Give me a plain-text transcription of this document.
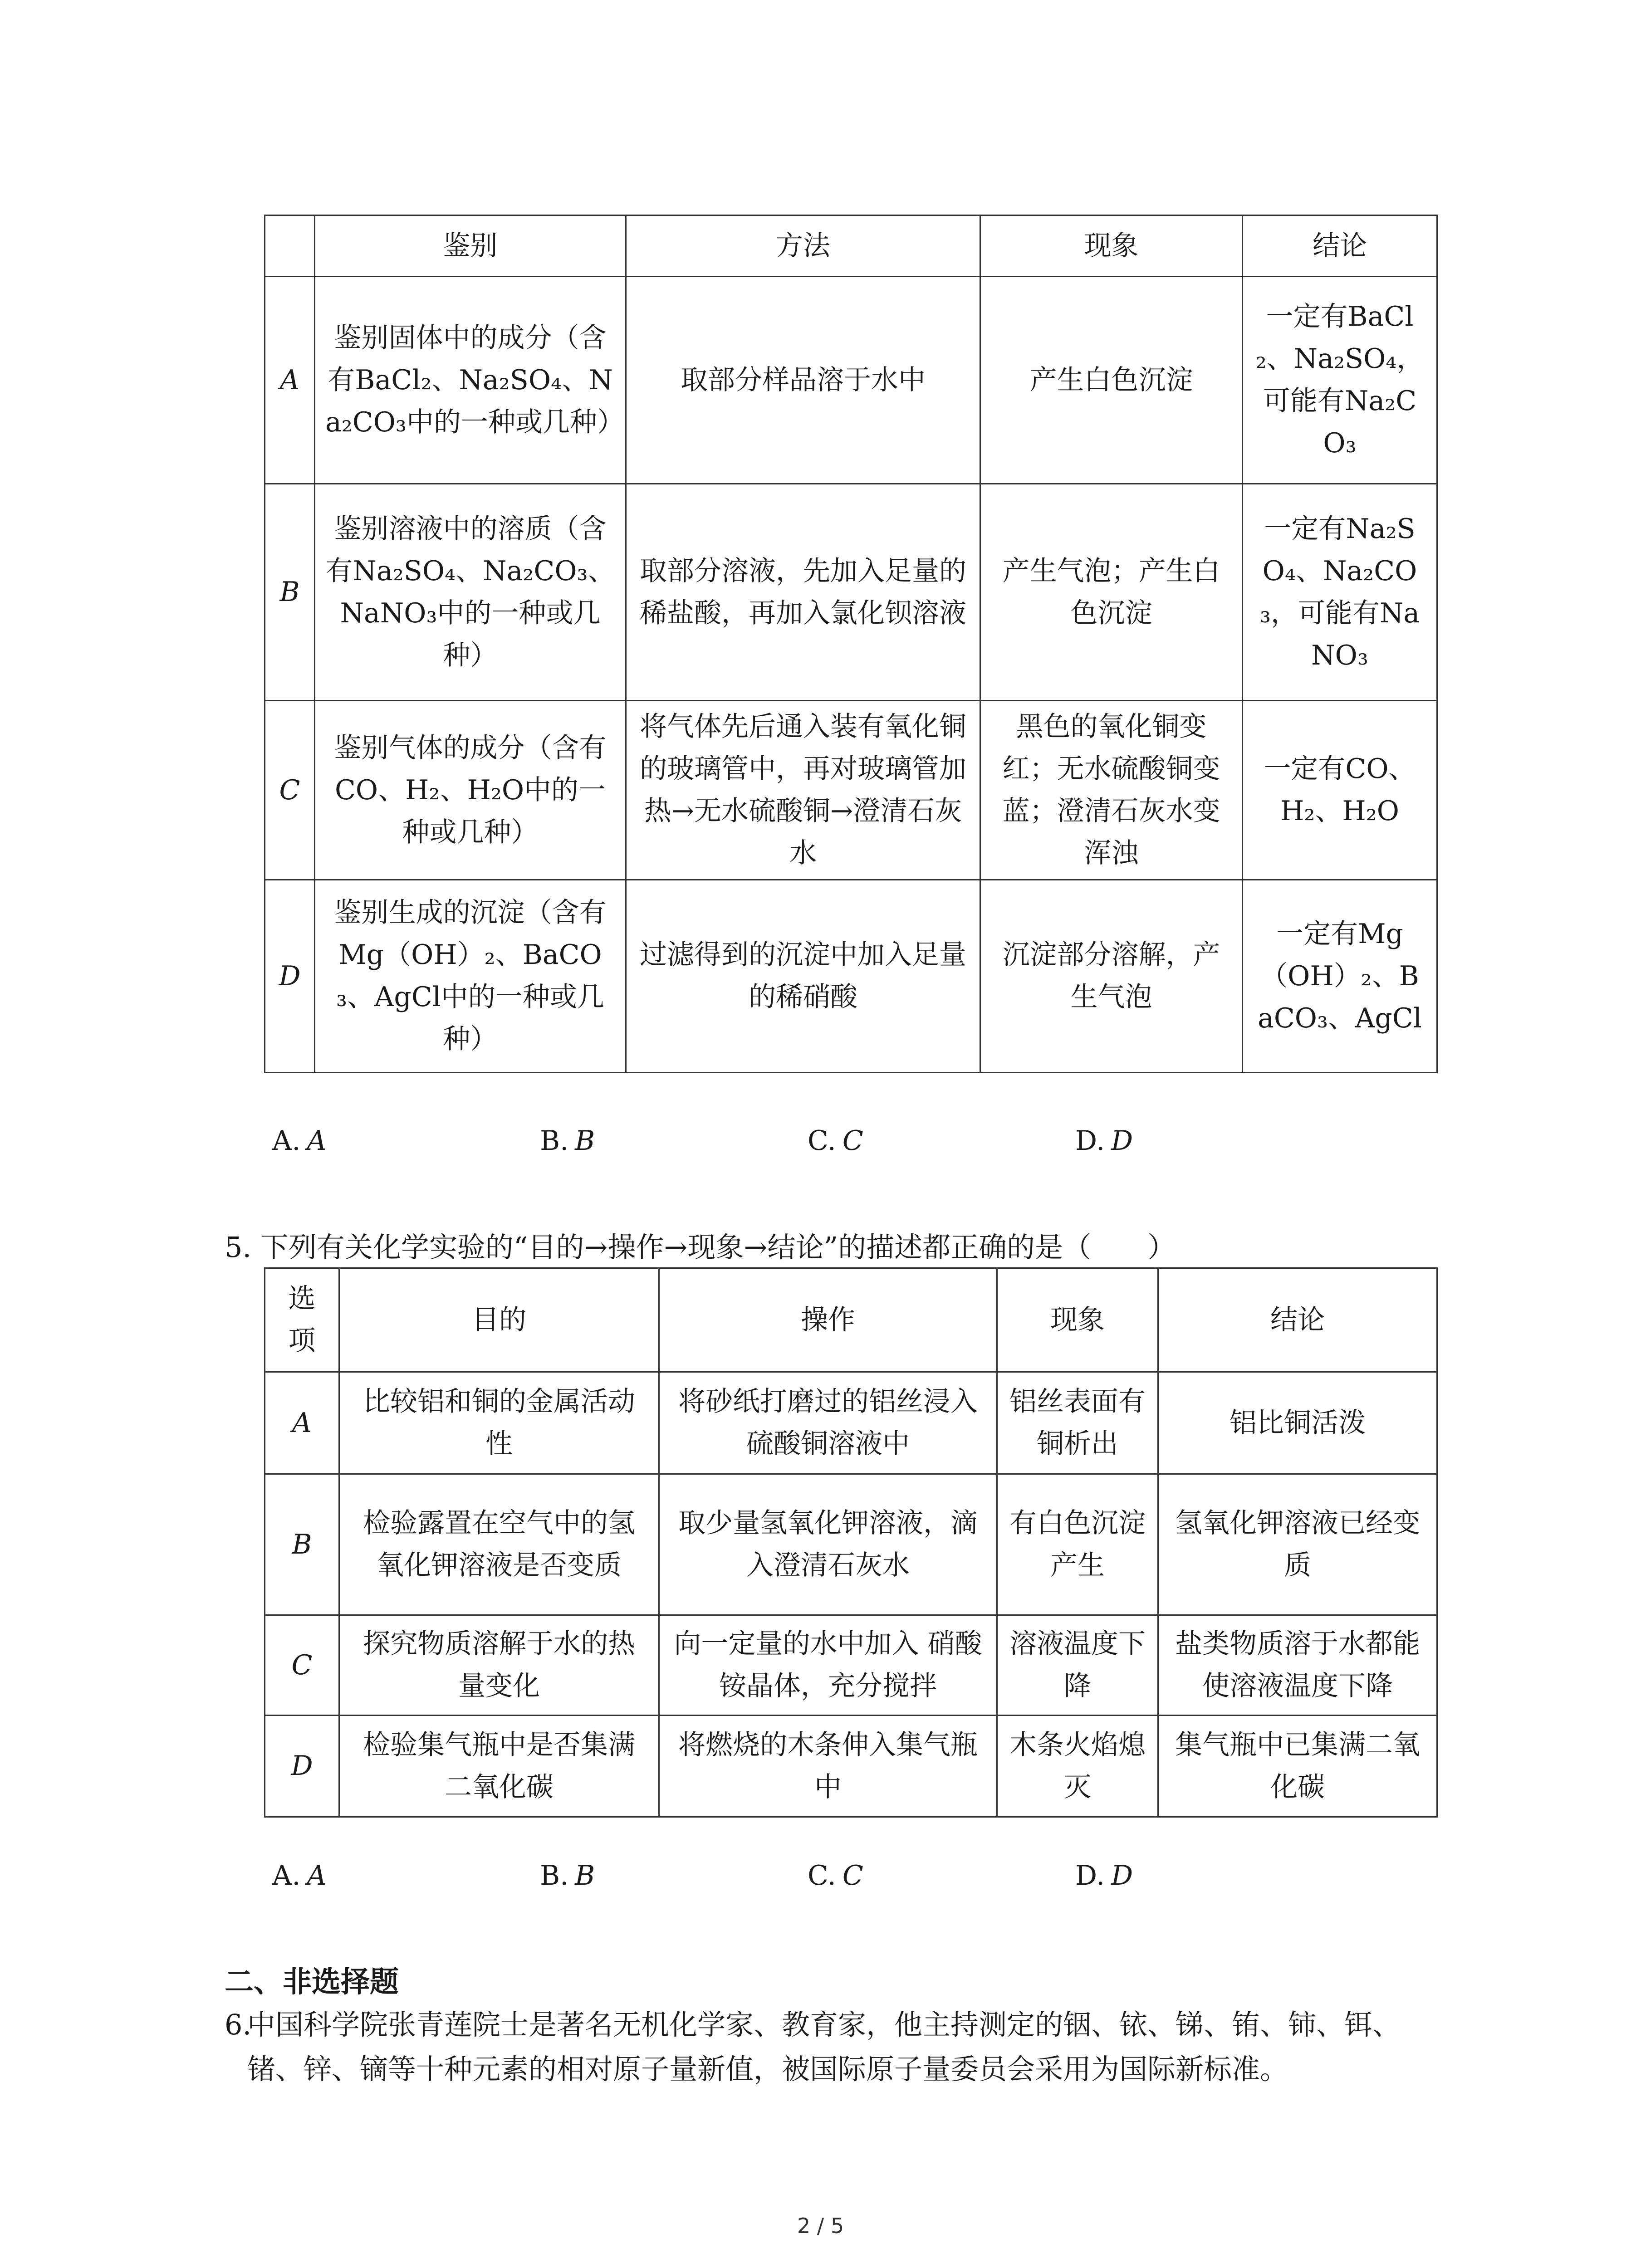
	鉴别	方法	现象	结论
A	鉴别固体中的成分（含有BaCl₂、Na₂SO₄、Na₂CO₃中的一种或几种）	取部分样品溶于水中	产生白色沉淀	一定有BaCl₂、Na₂SO₄，可能有Na₂CO₃
B	鉴别溶液中的溶质（含有Na₂SO₄、Na₂CO₃、NaNO₃中的一种或几种）	取部分溶液，先加入足量的稀盐酸，再加入氯化钡溶液	产生气泡；产生白色沉淀	一定有Na₂SO₄、Na₂CO₃，可能有NaNO₃
C	鉴别气体的成分（含有CO、H₂、H₂O中的一种或几种）	将气体先后通入装有氧化铜的玻璃管中，再对玻璃管加热→无水硫酸铜→澄清石灰水	黑色的氧化铜变红；无水硫酸铜变蓝；澄清石灰水变浑浊	一定有CO、H₂、H₂O
D	鉴别生成的沉淀（含有Mg（OH）₂、BaCO₃、AgCl中的一种或几种）	过滤得到的沉淀中加入足量的稀硝酸	沉淀部分溶解，产生气泡	一定有Mg（OH）₂、BaCO₃、AgCl
A. A	B. B	C. C	D. D
5. 下列有关化学实验的“目的→操作→现象→结论”的描述都正确的是（　　）
选项	目的	操作	现象	结论
A	比较铝和铜的金属活动性	将砂纸打磨过的铝丝浸入硫酸铜溶液中	铝丝表面有铜析出	铝比铜活泼
B	检验露置在空气中的氢氧化钾溶液是否变质	取少量氢氧化钾溶液，滴入澄清石灰水	有白色沉淀产生	氢氧化钾溶液已经变质
C	探究物质溶解于水的热量变化	向一定量的水中加入 硝酸铵晶体，充分搅拌	溶液温度下降	盐类物质溶于水都能使溶液温度下降
D	检验集气瓶中是否集满二氧化碳	将燃烧的木条伸入集气瓶中	木条火焰熄灭	集气瓶中已集满二氧化碳
A. A	B. B	C. C	D. D
二、非选择题
6.
中国科学院张青莲院士是著名无机化学家、教育家，他主持测定的铟、铱、锑、铕、铈、铒、锗、锌、镝等十种元素的相对原子量新值，被国际原子量委员会采用为国际新标准。
2 / 5
